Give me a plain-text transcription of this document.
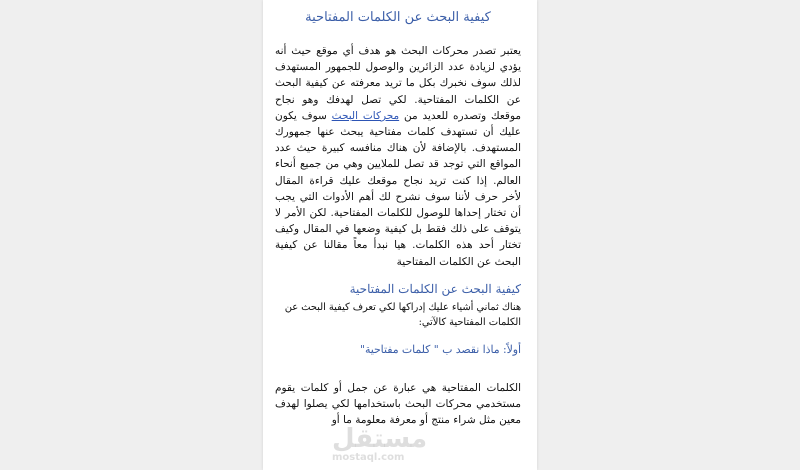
كيفية البحث عن الكلمات المفتاحية

يعتبر تصدر محركات البحث هو هدف أي موقع حيث أنه يؤدي لزيادة عدد الزائرين والوصول للجمهور المستهدف لذلك سوف نخبرك بكل ما تريد معرفته عن كيفية البحث عن الكلمات المفتاحية. لكي تصل لهدفك وهو نجاح موقعك وتصدره للعديد من محركات البحث سوف يكون عليك أن تستهدف كلمات مفتاحية يبحث عنها جمهورك المستهدف. بالإضافة لأن هناك منافسه كبيرة حيث عدد المواقع التي توجد قد تصل للملايين وهي من جميع أنحاء العالم. إذا كنت تريد نجاح موقعك عليك قراءة المقال لأخر حرف لأننا سوف نشرح لك أهم الأدوات التي يجب أن تختار إحداها للوصول للكلمات المفتاحية. لكن الأمر لا يتوقف على ذلك فقط بل كيفية وضعها في المقال وكيف تختار أحد هذه الكلمات. هيا نبدأ معاً مقالنا عن كيفية البحث عن الكلمات المفتاحية

كيفية البحث عن الكلمات المفتاحية

هناك ثماني أشياء عليك إدراكها لكي تعرف كيفية البحث عن الكلمات المفتاحية كالآتي:

أولاً: ماذا نقصد ب " كلمات مفتاحية"

الكلمات المفتاحية هي عبارة عن جمل أو كلمات يقوم مستخدمي محركات البحث باستخدامها لكي يصلوا لهدف معين مثل شراء منتج أو معرفة معلومة ما أو

مستقل
mostaql.com
